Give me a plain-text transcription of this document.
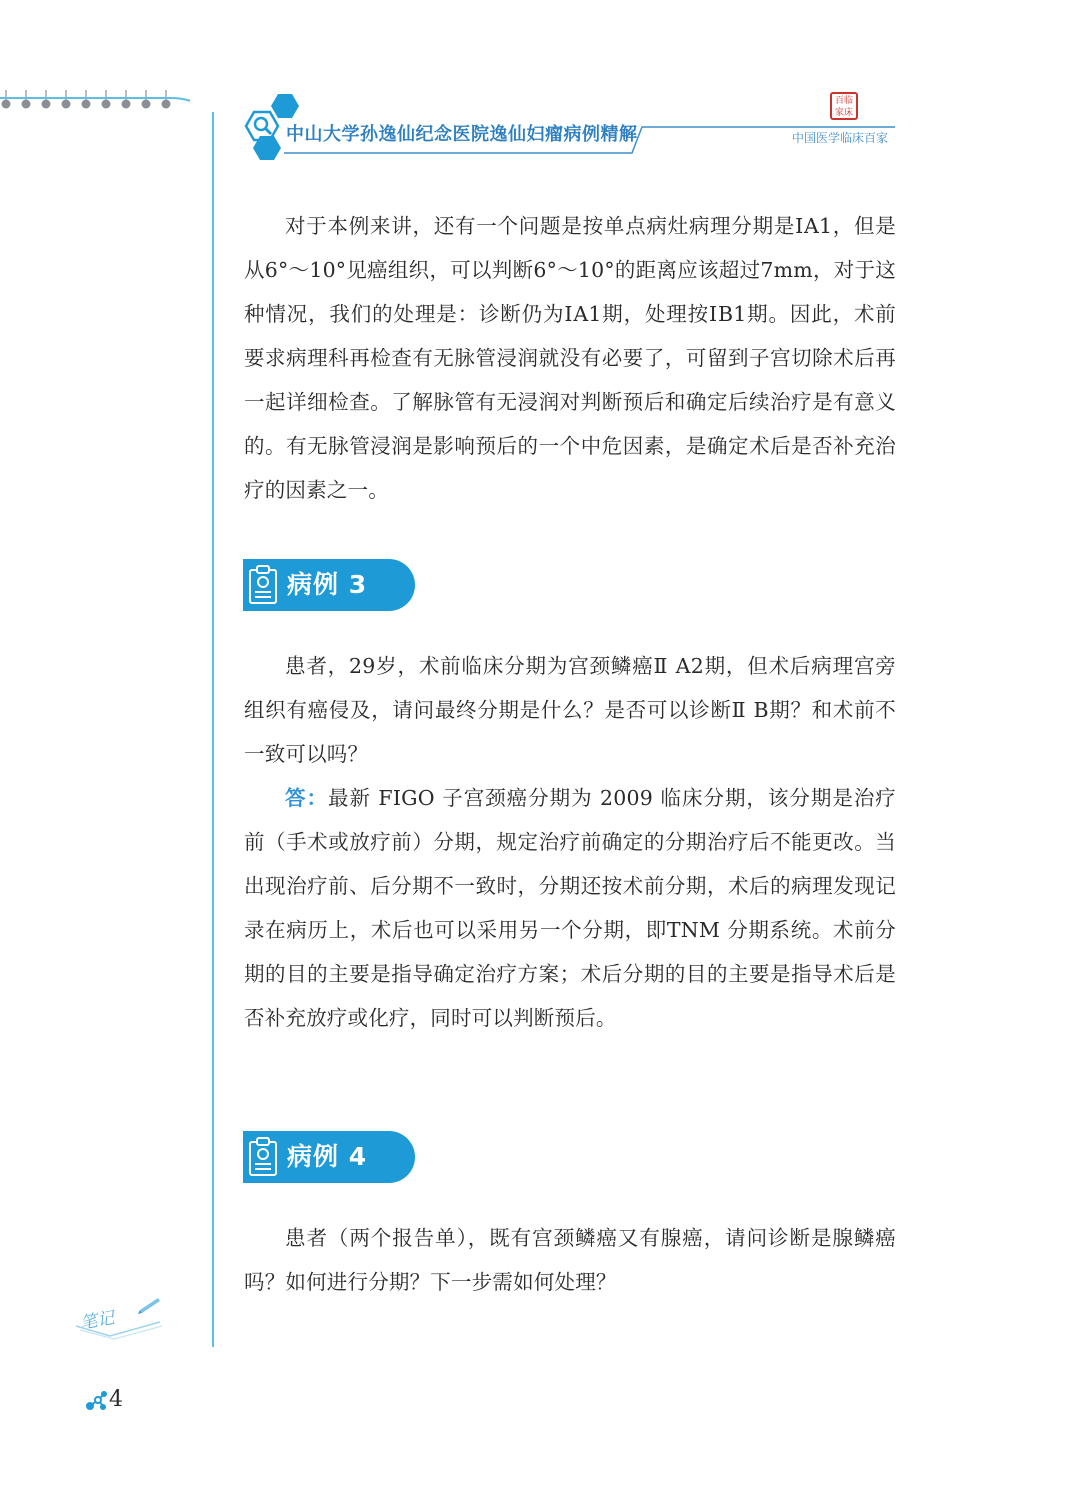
中山大学孙逸仙纪念医院逸仙妇瘤病例精解	中国医学临床百家
百临
家床

对于本例来讲，还有一个问题是按单点病灶病理分期是ⅠA1，但是从6°～10°见癌组织，可以判断6°～10°的距离应该超过7mm，对于这种情况，我们的处理是：诊断仍为ⅠA1期，处理按ⅠB1期。因此，术前要求病理科再检查有无脉管浸润就没有必要了，可留到子宫切除术后再一起详细检查。了解脉管有无浸润对判断预后和确定后续治疗是有意义的。有无脉管浸润是影响预后的一个中危因素，是确定术后是否补充治疗的因素之一。

病例 3

患者，29岁，术前临床分期为宫颈鳞癌Ⅱ A2期，但术后病理宫旁组织有癌侵及，请问最终分期是什么？是否可以诊断Ⅱ B期？和术前不一致可以吗？

答：最新 FIGO 子宫颈癌分期为 2009 临床分期，该分期是治疗前（手术或放疗前）分期，规定治疗前确定的分期治疗后不能更改。当出现治疗前、后分期不一致时，分期还按术前分期，术后的病理发现记录在病历上，术后也可以采用另一个分期，即TNM 分期系统。术前分期的目的主要是指导确定治疗方案；术后分期的目的主要是指导术后是否补充放疗或化疗，同时可以判断预后。

病例 4

患者（两个报告单），既有宫颈鳞癌又有腺癌，请问诊断是腺鳞癌吗？如何进行分期？下一步需如何处理？

笔记
4
